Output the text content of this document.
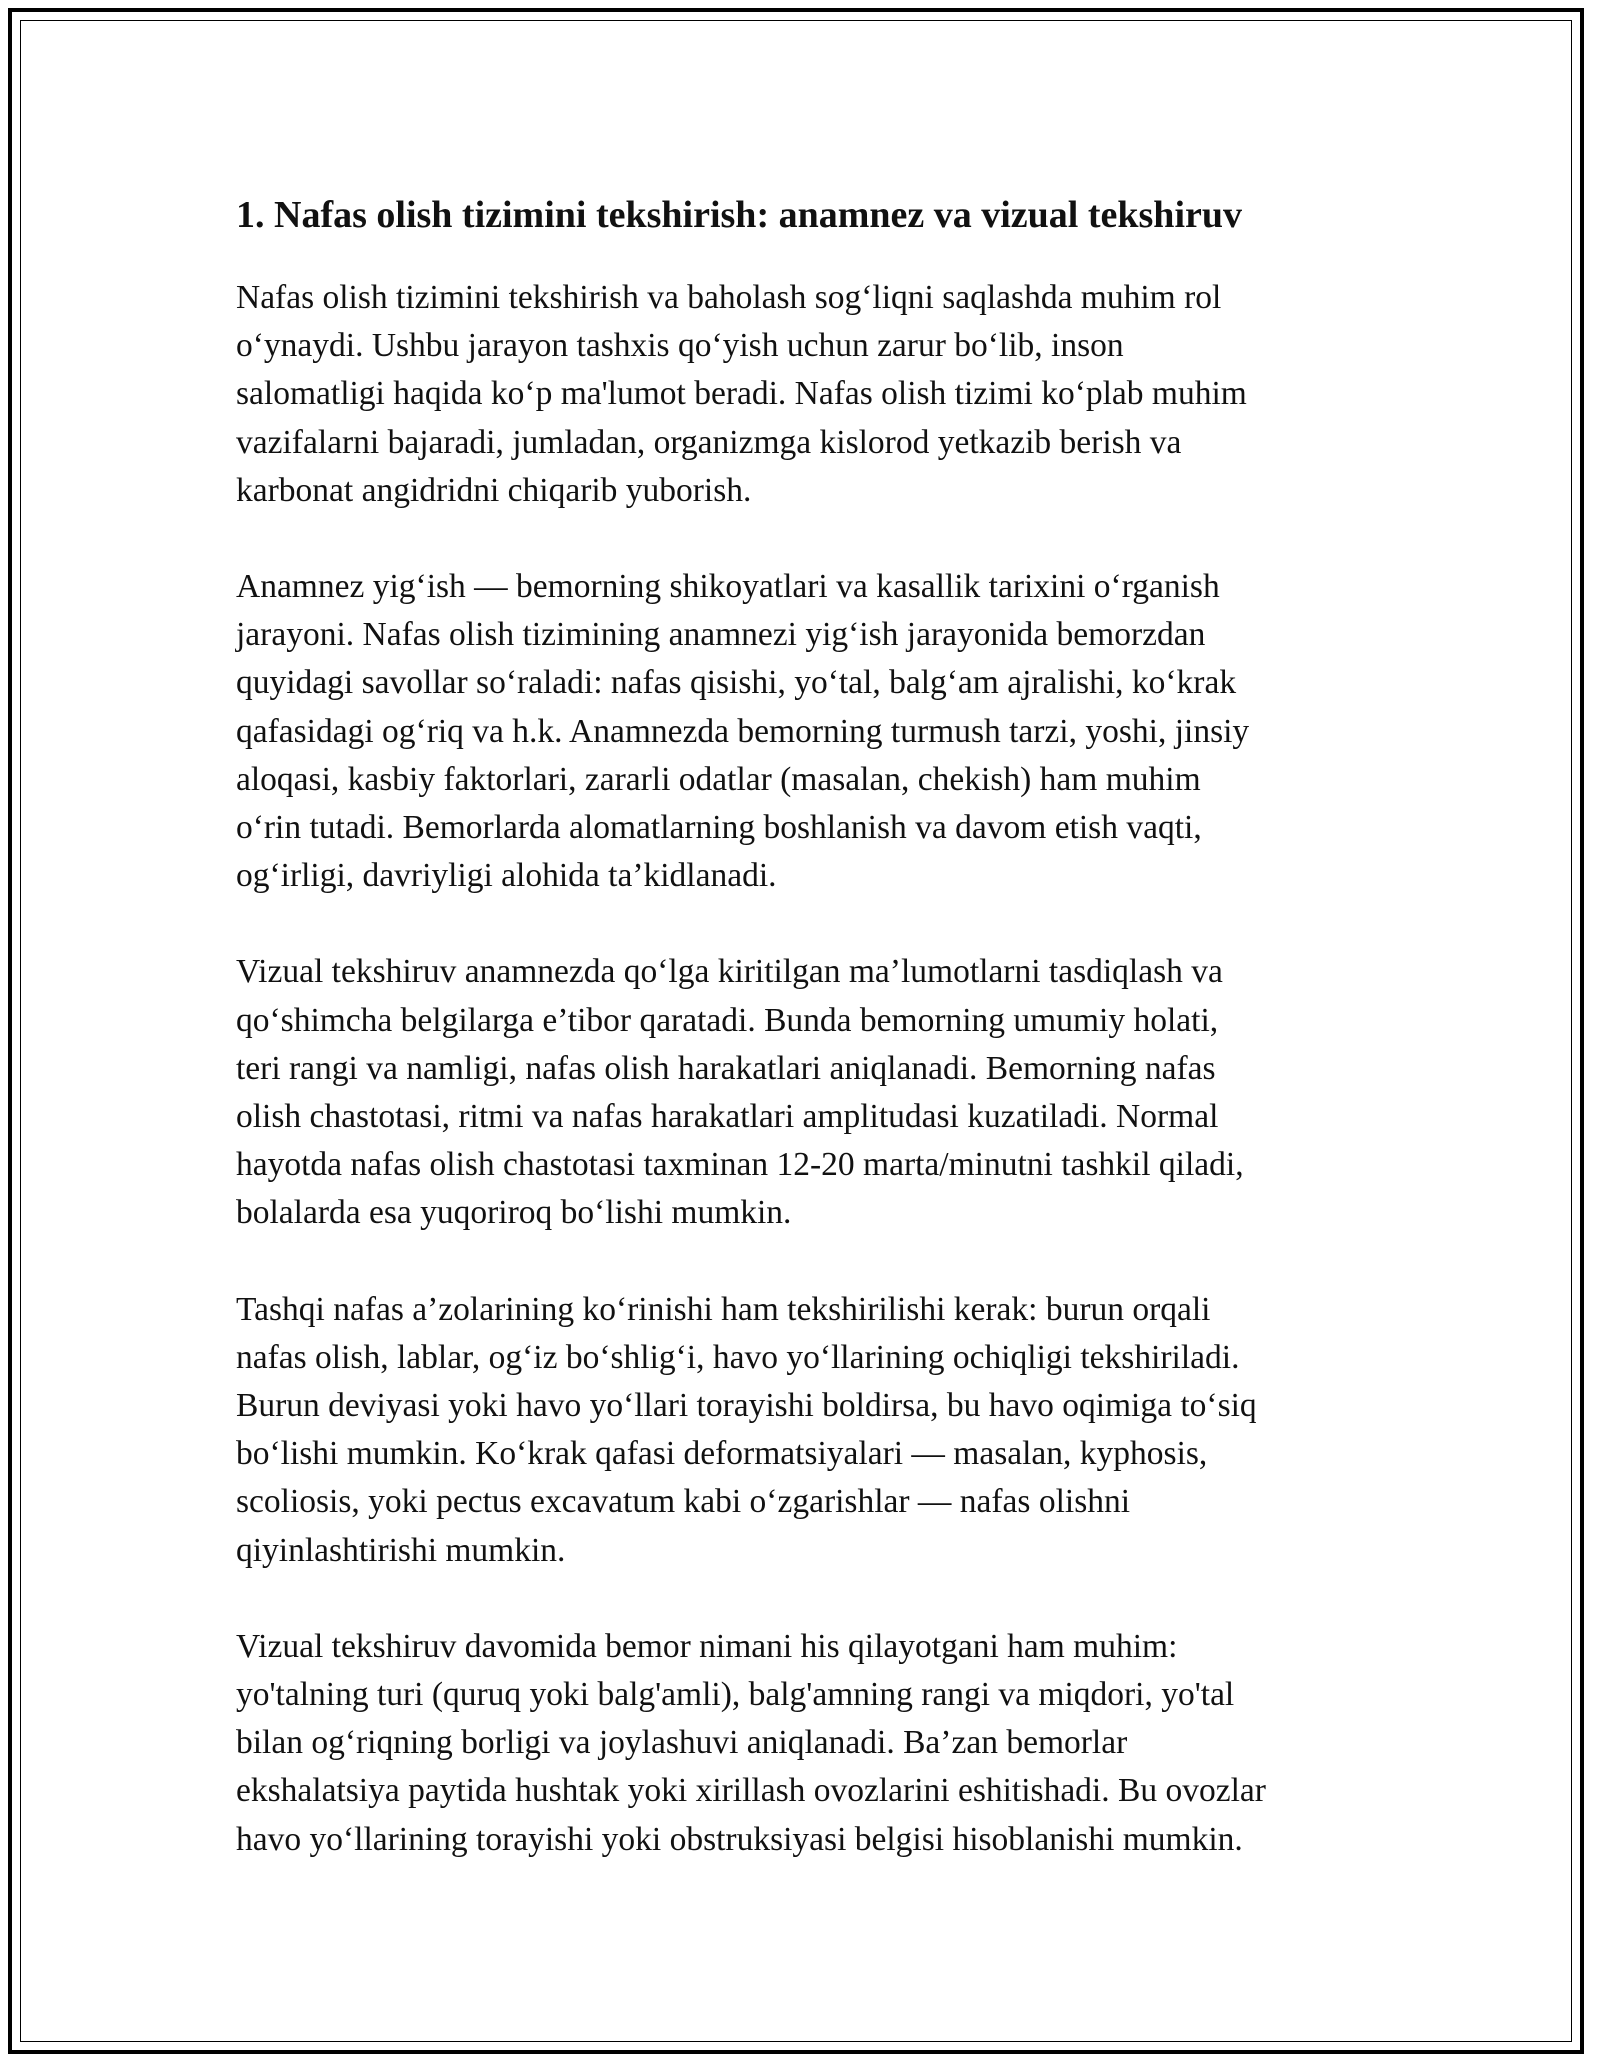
1. Nafas olish tizimini tekshirish: anamnez va vizual tekshiruv

Nafas olish tizimini tekshirish va baholash sog‘liqni saqlashda muhim rol
o‘ynaydi. Ushbu jarayon tashxis qo‘yish uchun zarur bo‘lib, inson
salomatligi haqida ko‘p ma'lumot beradi. Nafas olish tizimi ko‘plab muhim
vazifalarni bajaradi, jumladan, organizmga kislorod yetkazib berish va
karbonat angidridni chiqarib yuborish.

Anamnez yig‘ish — bemorning shikoyatlari va kasallik tarixini o‘rganish
jarayoni. Nafas olish tizimining anamnezi yig‘ish jarayonida bemorzdan
quyidagi savollar so‘raladi: nafas qisishi, yo‘tal, balg‘am ajralishi, ko‘krak
qafasidagi og‘riq va h.k. Anamnezda bemorning turmush tarzi, yoshi, jinsiy
aloqasi, kasbiy faktorlari, zararli odatlar (masalan, chekish) ham muhim
o‘rin tutadi. Bemorlarda alomatlarning boshlanish va davom etish vaqti,
og‘irligi, davriyligi alohida ta’kidlanadi.

Vizual tekshiruv anamnezda qo‘lga kiritilgan ma’lumotlarni tasdiqlash va
qo‘shimcha belgilarga e’tibor qaratadi. Bunda bemorning umumiy holati,
teri rangi va namligi, nafas olish harakatlari aniqlanadi. Bemorning nafas
olish chastotasi, ritmi va nafas harakatlari amplitudasi kuzatiladi. Normal
hayotda nafas olish chastotasi taxminan 12-20 marta/minutni tashkil qiladi,
bolalarda esa yuqoriroq bo‘lishi mumkin.

Tashqi nafas a’zolarining ko‘rinishi ham tekshirilishi kerak: burun orqali
nafas olish, lablar, og‘iz bo‘shlig‘i, havo yo‘llarining ochiqligi tekshiriladi.
Burun deviyasi yoki havo yo‘llari torayishi boldirsa, bu havo oqimiga to‘siq
bo‘lishi mumkin. Ko‘krak qafasi deformatsiyalari — masalan, kyphosis,
scoliosis, yoki pectus excavatum kabi o‘zgarishlar — nafas olishni
qiyinlashtirishi mumkin.

Vizual tekshiruv davomida bemor nimani his qilayotgani ham muhim:
yo'talning turi (quruq yoki balg'amli), balg'amning rangi va miqdori, yo'tal
bilan og‘riqning borligi va joylashuvi aniqlanadi. Ba’zan bemorlar
ekshalatsiya paytida hushtak yoki xirillash ovozlarini eshitishadi. Bu ovozlar
havo yo‘llarining torayishi yoki obstruksiyasi belgisi hisoblanishi mumkin.
